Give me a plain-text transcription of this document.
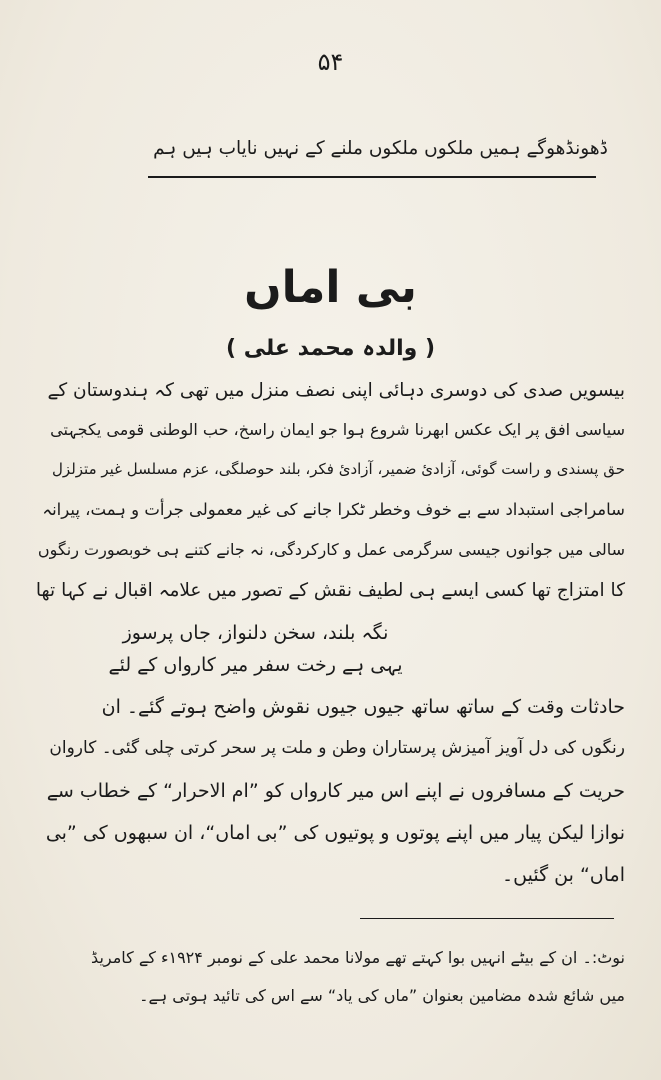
۵۴
ڈھونڈھوگے ہمیں ملکوں ملکوں ملنے کے نہیں نایاب ہیں ہم
بی اماں
( والدہ محمد علی )
بیسویں صدی کی دوسری دہائی اپنی نصف منزل میں تھی کہ ہندوستان کے
سیاسی افق پر ایک عکس ابھرنا شروع ہوا جو ایمان راسخ، حب الوطنی قومی یکجہتی
حق پسندی و راست گوئی، آزادئ ضمیر، آزادئ فکر، بلند حوصلگی، عزم مسلسل غیر متزلزل
سامراجی استبداد سے بے خوف وخطر ٹکرا جانے کی غیر معمولی جرأت و ہمت، پیرانہ
سالی میں جوانوں جیسی سرگرمی عمل و کارکردگی، نہ جانے کتنے ہی خوبصورت رنگوں
کا امتزاج تھا کسی ایسے ہی لطیف نقش کے تصور میں علامہ اقبال نے کہا تھا
نگہ بلند، سخن دلنواز، جاں پرسوز
یہی ہے رخت سفر میر کارواں کے لئے
حادثات وقت کے ساتھ ساتھ جیوں جیوں نقوش واضح ہوتے گئے۔ ان
رنگوں کی دل آویز آمیزش پرستاران وطن و ملت پر سحر کرتی چلی گئی۔ کاروان
حریت کے مسافروں نے اپنے اس میر کارواں کو ”ام الاحرار“ کے خطاب سے
نوازا لیکن پیار میں اپنے پوتوں و پوتیوں کی ”بی اماں“، ان سبھوں کی ”بی
اماں“ بن گئیں۔
نوٹ:۔ ان کے بیٹے انہیں بوا کہتے تھے مولانا محمد علی کے نومبر ۱۹۲۴ء کے کامریڈ
میں شائع شدہ مضامین بعنوان ”ماں کی یاد“ سے اس کی تائید ہوتی ہے۔
